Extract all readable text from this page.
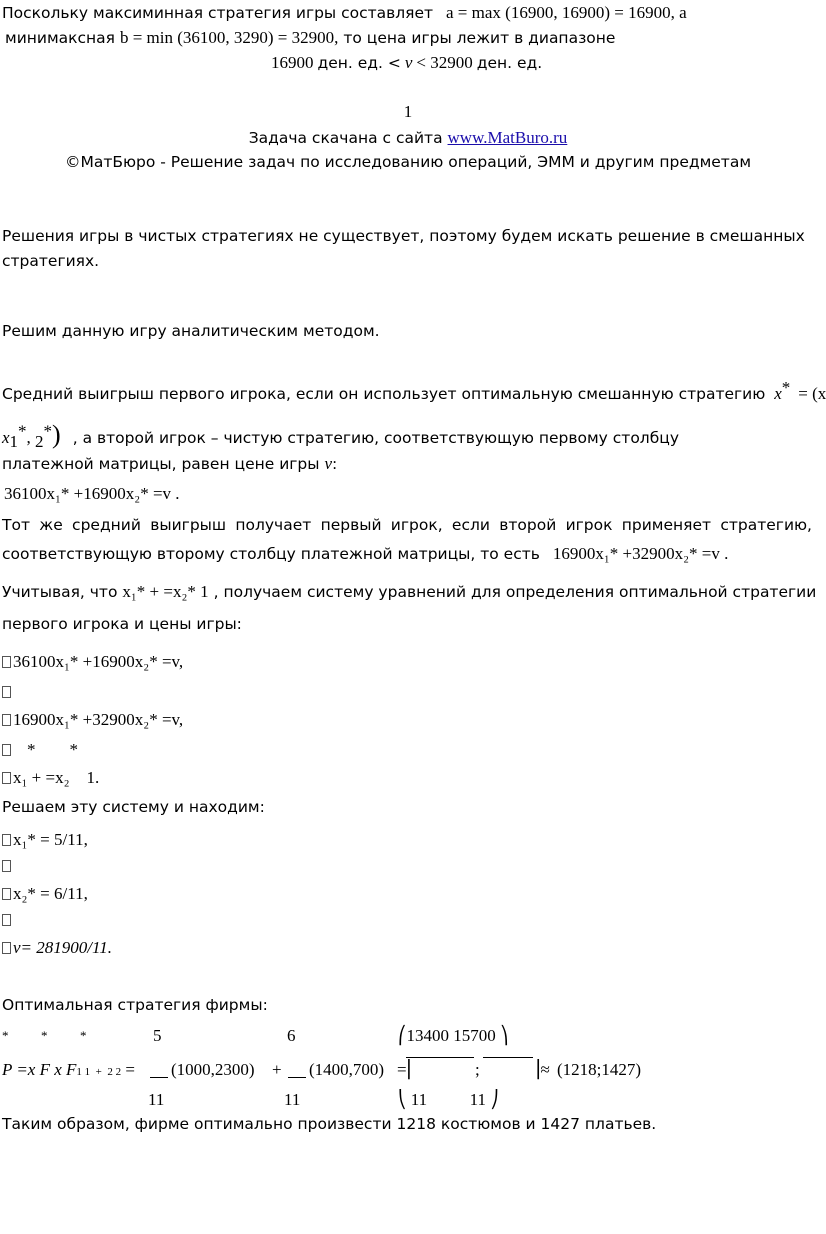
Поскольку максиминная стратегия игры составляет a = max (16900, 16900) = 16900, а
минимаксная b = min (36100, 3290) = 32900, то цена игры лежит в диапазоне
16900 ден. ед. < v < 32900 ден. ед.
1
Задача скачана с сайта www.MatBuro.ru
©МатБюро - Решение задач по исследованию операций, ЭММ и другим предметам
Решения игры в чистых стратегиях не существует, поэтому будем искать решение в смешанных
стратегиях.
Решим данную игру аналитическим методом.
Средний выигрыш первого игрока, если он использует оптимальную смешанную стратегию x* = (x
$x_1^*$, $_2$*) , а второй игрок – чистую стратегию, соответствующую первому столбцу
платежной матрицы, равен цене игры v:
36100x₁* +16900x₂* =v .
Тот же средний выигрыш получает первый игрок, если второй игрок применяет стратегию,
соответствующую второму столбцу платежной матрицы, то есть 16900x₁* +32900x₂* =v .
Учитывая, что x₁* + =x₂* 1 , получаем систему уравнений для определения оптимальной стратегии
первого игрока и цены игры:
36100x₁* +16900x₂* =v,
16900x₁* +32900x₂* =v,
*        *
x₁ + =x₂    1.
Решаем эту систему и находим:
x₁* = 5/11,
x₂* = 6/11,
v= 281900/11.
Оптимальная стратегия фирмы:
*          *          *	5	6	⎛13400 15700 ⎞
P =x F x F1 1  +  2 2 = (1000,2300) + (1400,700) =⎜	;	⎟≈ (1218;1427)
11	11	⎝ 11          11 ⎠
Таким образом, фирме оптимально произвести 1218 костюмов и 1427 платьев.
